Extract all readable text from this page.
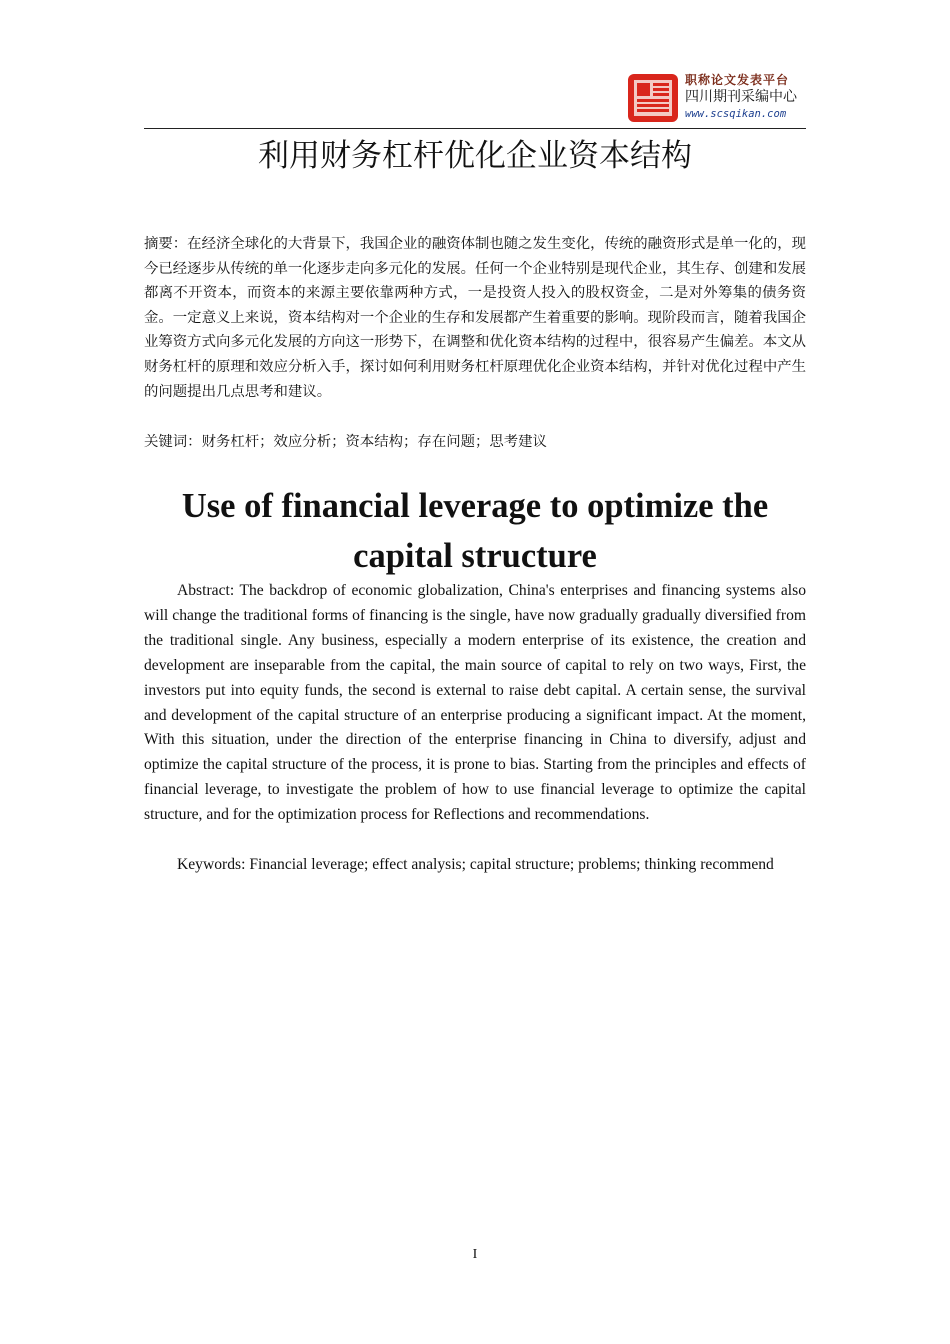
职称论文发表平台
四川期刊采编中心
www.scsqikan.com
利用财务杠杆优化企业资本结构

摘要：在经济全球化的大背景下，我国企业的融资体制也随之发生变化，传统的融资形式是单一化的，现今已经逐步从传统的单一化逐步走向多元化的发展。任何一个企业特别是现代企业，其生存、创建和发展都离不开资本，而资本的来源主要依靠两种方式，一是投资人投入的股权资金，二是对外筹集的债务资金。一定意义上来说，资本结构对一个企业的生存和发展都产生着重要的影响。现阶段而言，随着我国企业筹资方式向多元化发展的方向这一形势下，在调整和优化资本结构的过程中，很容易产生偏差。本文从财务杠杆的原理和效应分析入手，探讨如何利用财务杠杆原理优化企业资本结构，并针对优化过程中产生的问题提出几点思考和建议。

关键词：财务杠杆；效应分析；资本结构；存在问题；思考建议

Use of financial leverage to optimize the
capital structure

Abstract: The backdrop of economic globalization, China's enterprises and financing systems also will change the traditional forms of financing is the single, have now gradually gradually diversified from the traditional single. Any business, especially a modern enterprise of its existence, the creation and development are inseparable from the capital, the main source of capital to rely on two ways, First, the investors put into equity funds, the second is external to raise debt capital. A certain sense, the survival and development of the capital structure of an enterprise producing a significant impact. At the moment, With this situation, under the direction of the enterprise financing in China to diversify, adjust and optimize the capital structure of the process, it is prone to bias. Starting from the principles and effects of financial leverage, to investigate the problem of how to use financial leverage to optimize the capital structure, and for the optimization process for Reflections and recommendations.

Keywords: Financial leverage; effect analysis; capital structure; problems; thinking recommend

I
